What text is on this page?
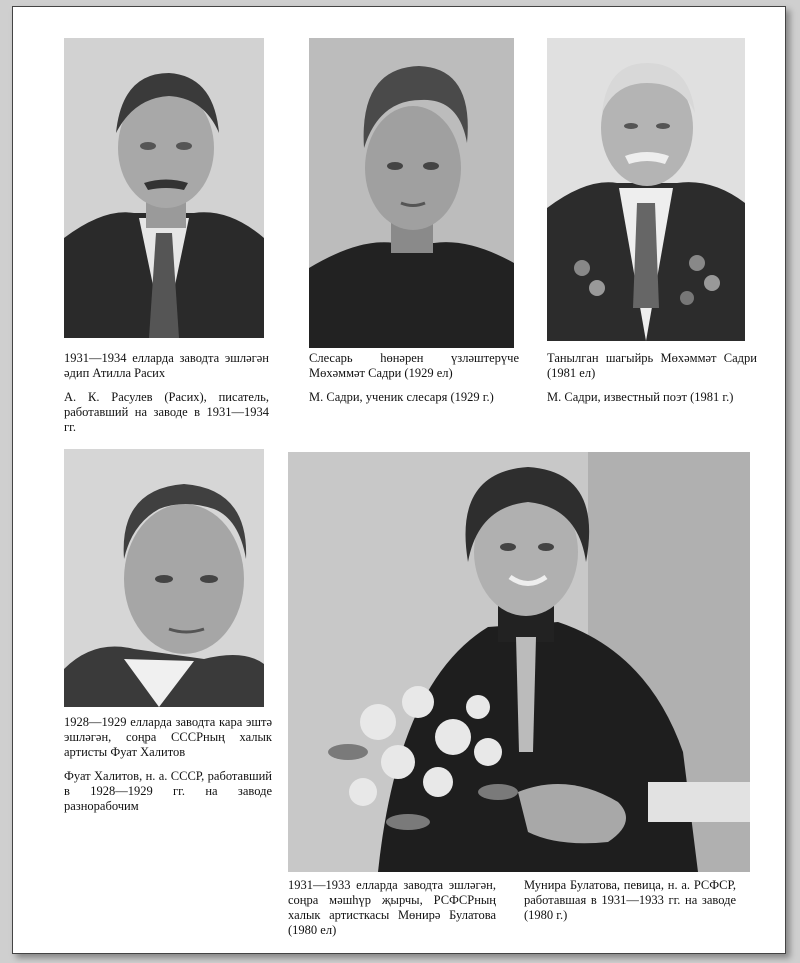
1931—1934 елларда заводта эшләгән әдип Атилла Расих

А. К. Расулев (Расих), писатель, работавший на заводе в 1931—1934 гг.

Слесарь һөнәрен үзләштерүче Мөхәммәт Садри (1929 ел)

М. Садри, ученик слесаря (1929 г.)

Танылган шагыйрь Мөхәммәт Садри (1981 ел)

М. Садри, известный поэт (1981 г.)

1928—1929 елларда заводта кара эштә эшләгән, соңра СССРның халык артисты Фуат Халитов

Фуат Халитов, н. а. СССР, работавший в 1928—1929 гг. на заводе разнорабочим

1931—1933 елларда заводта эшләгән, соңра мәшһүр җырчы, РСФСРның халык артисткасы Мөнирә Булатова (1980 ел)

Мунира Булатова, певица, н. а. РСФСР, работавшая в 1931—1933 гг. на заводе (1980 г.)
